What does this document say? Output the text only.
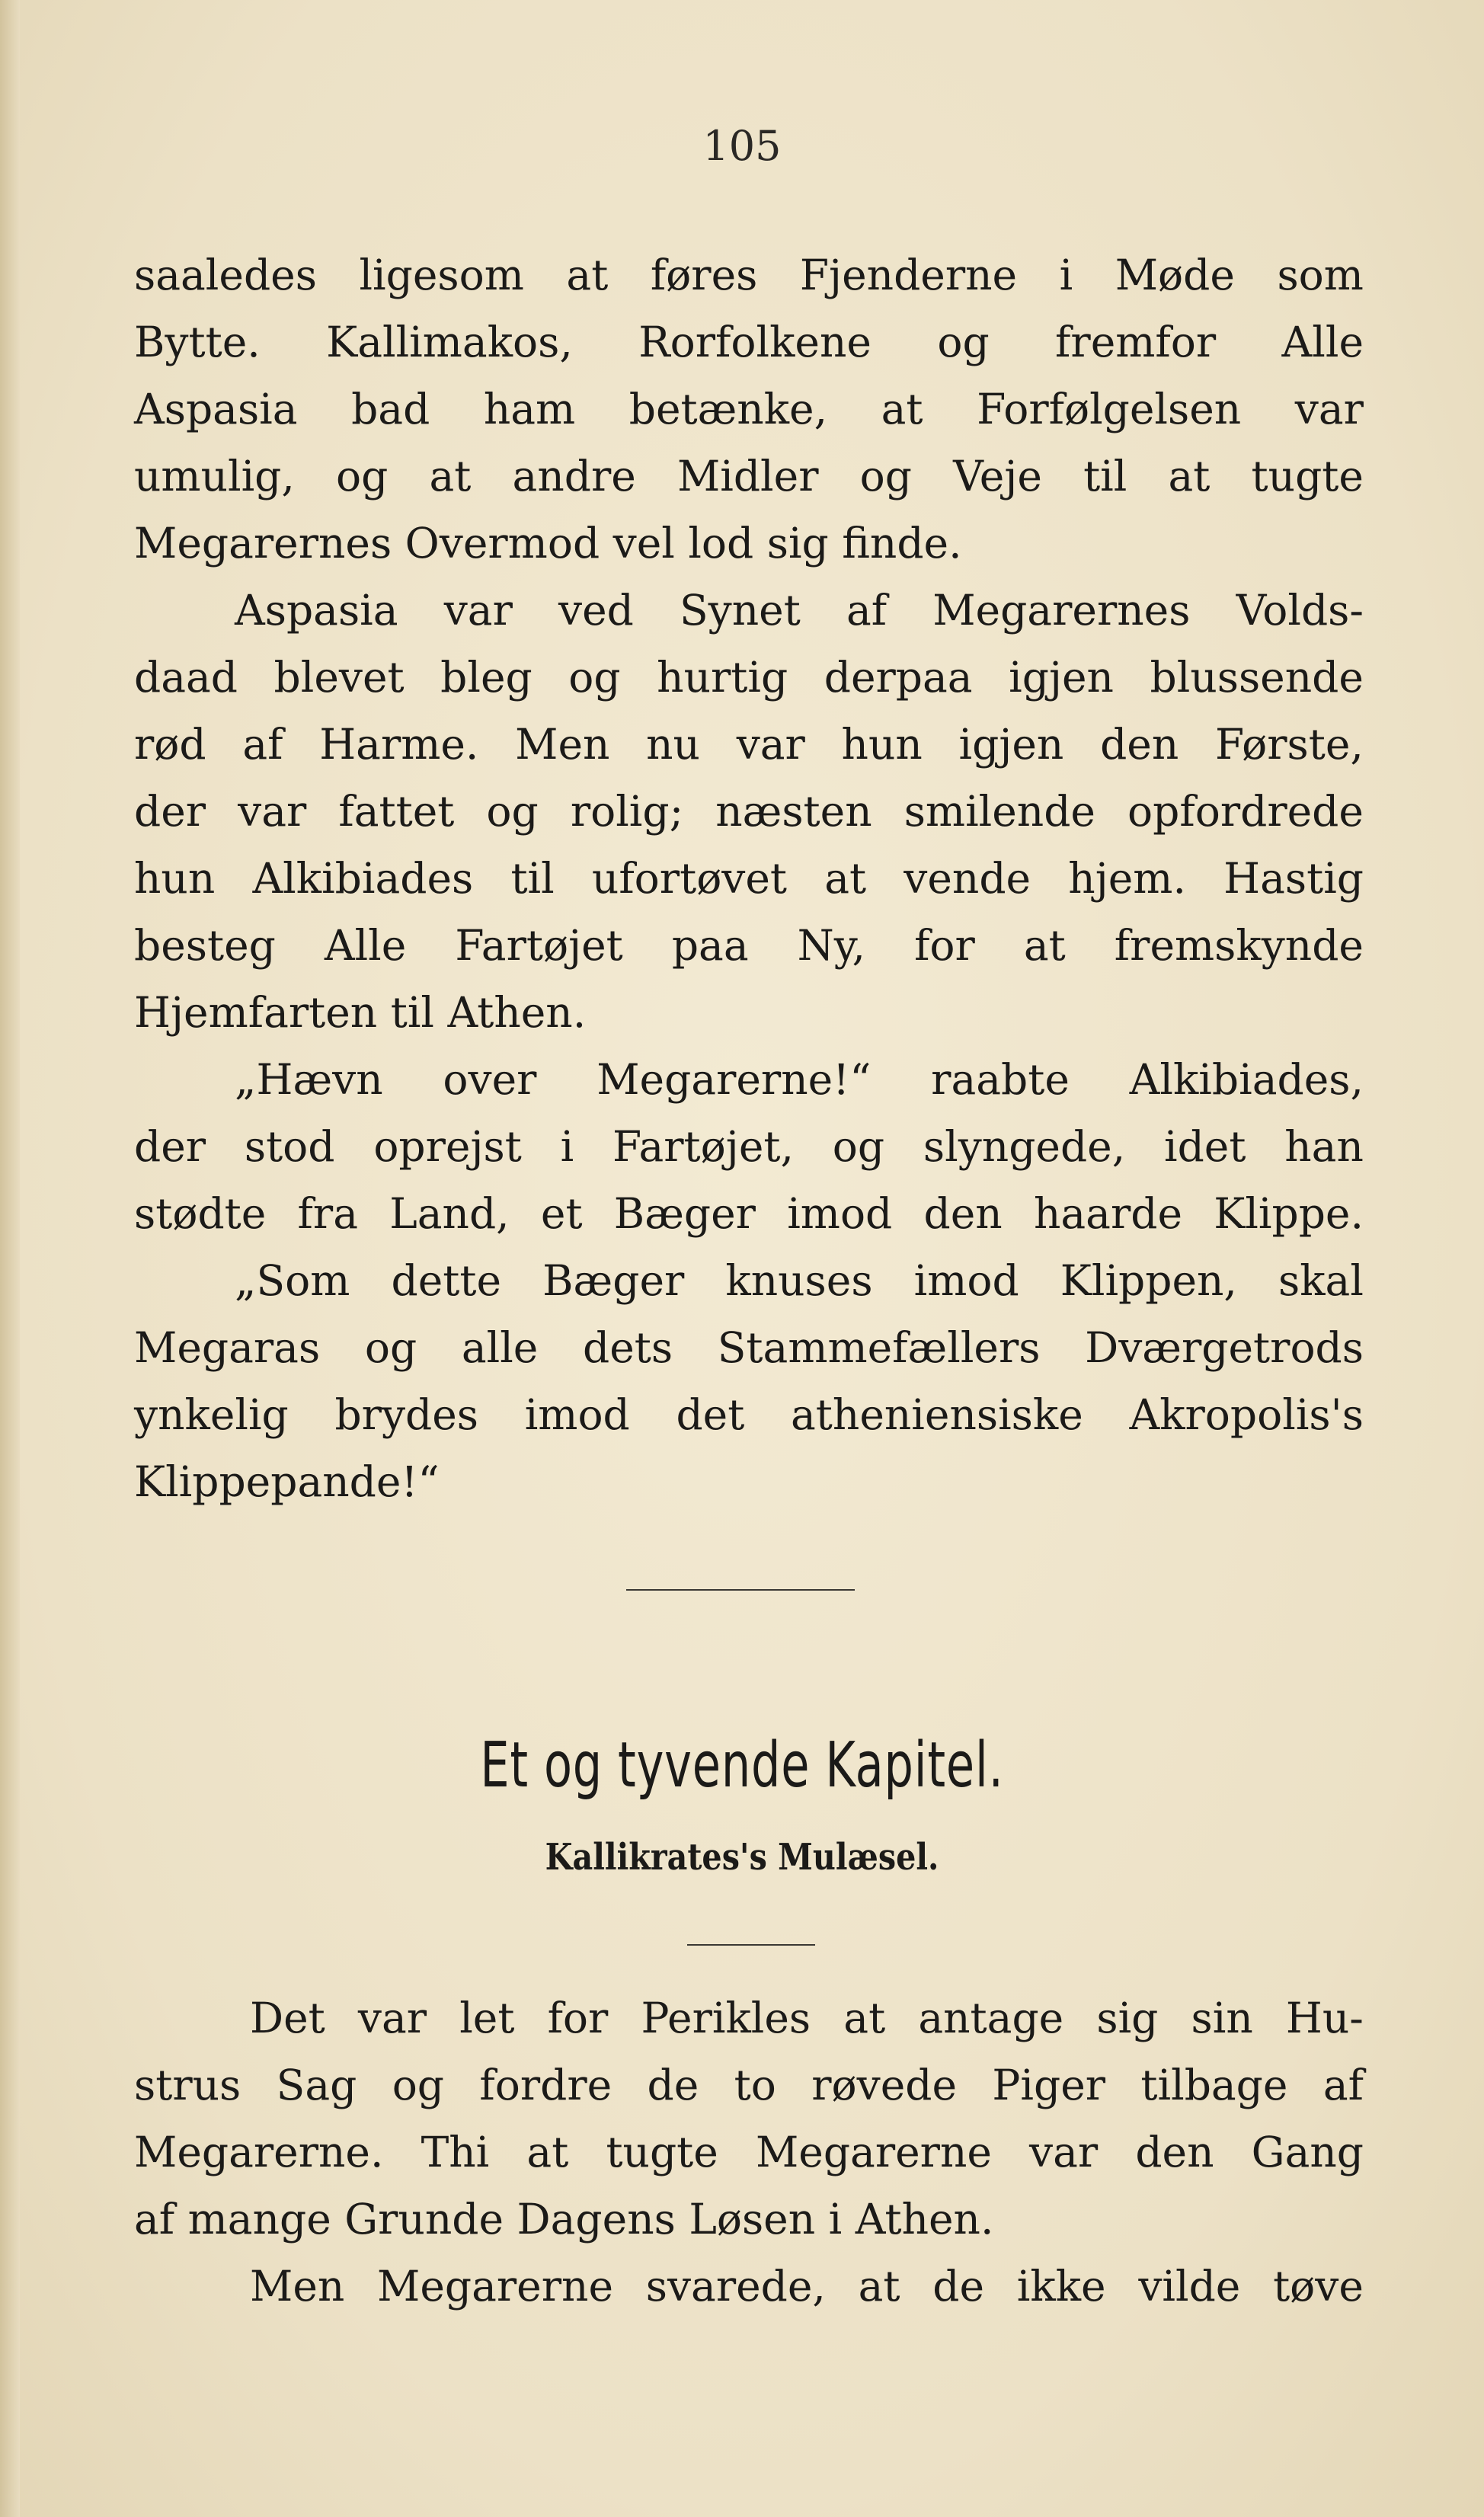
105
saaledes ligesom at føres Fjenderne i Møde som
Bytte. Kallimakos, Rorfolkene og fremfor Alle
Aspasia bad ham betænke, at Forfølgelsen var
umulig, og at andre Midler og Veje til at tugte
Megarernes Overmod vel lod sig finde.
Aspasia var ved Synet af Megarernes Volds-
daad blevet bleg og hurtig derpaa igjen blussende
rød af Harme. Men nu var hun igjen den Første,
der var fattet og rolig; næsten smilende opfordrede
hun Alkibiades til ufortøvet at vende hjem. Hastig
besteg Alle Fartøjet paa Ny, for at fremskynde
Hjemfarten til Athen.
„Hævn over Megarerne!“ raabte Alkibiades,
der stod oprejst i Fartøjet, og slyngede, idet han
stødte fra Land, et Bæger imod den haarde Klippe.
„Som dette Bæger knuses imod Klippen, skal
Megaras og alle dets Stammefællers Dværgetrods
ynkelig brydes imod det atheniensiske Akropolis's
Klippepande!“
Det var let for Perikles at antage sig sin Hu-
strus Sag og fordre de to røvede Piger tilbage af
Megarerne. Thi at tugte Megarerne var den Gang
af mange Grunde Dagens Løsen i Athen.
Men Megarerne svarede, at de ikke vilde tøve
Et og tyvende Kapitel.
Kallikrates's Mulæsel.
